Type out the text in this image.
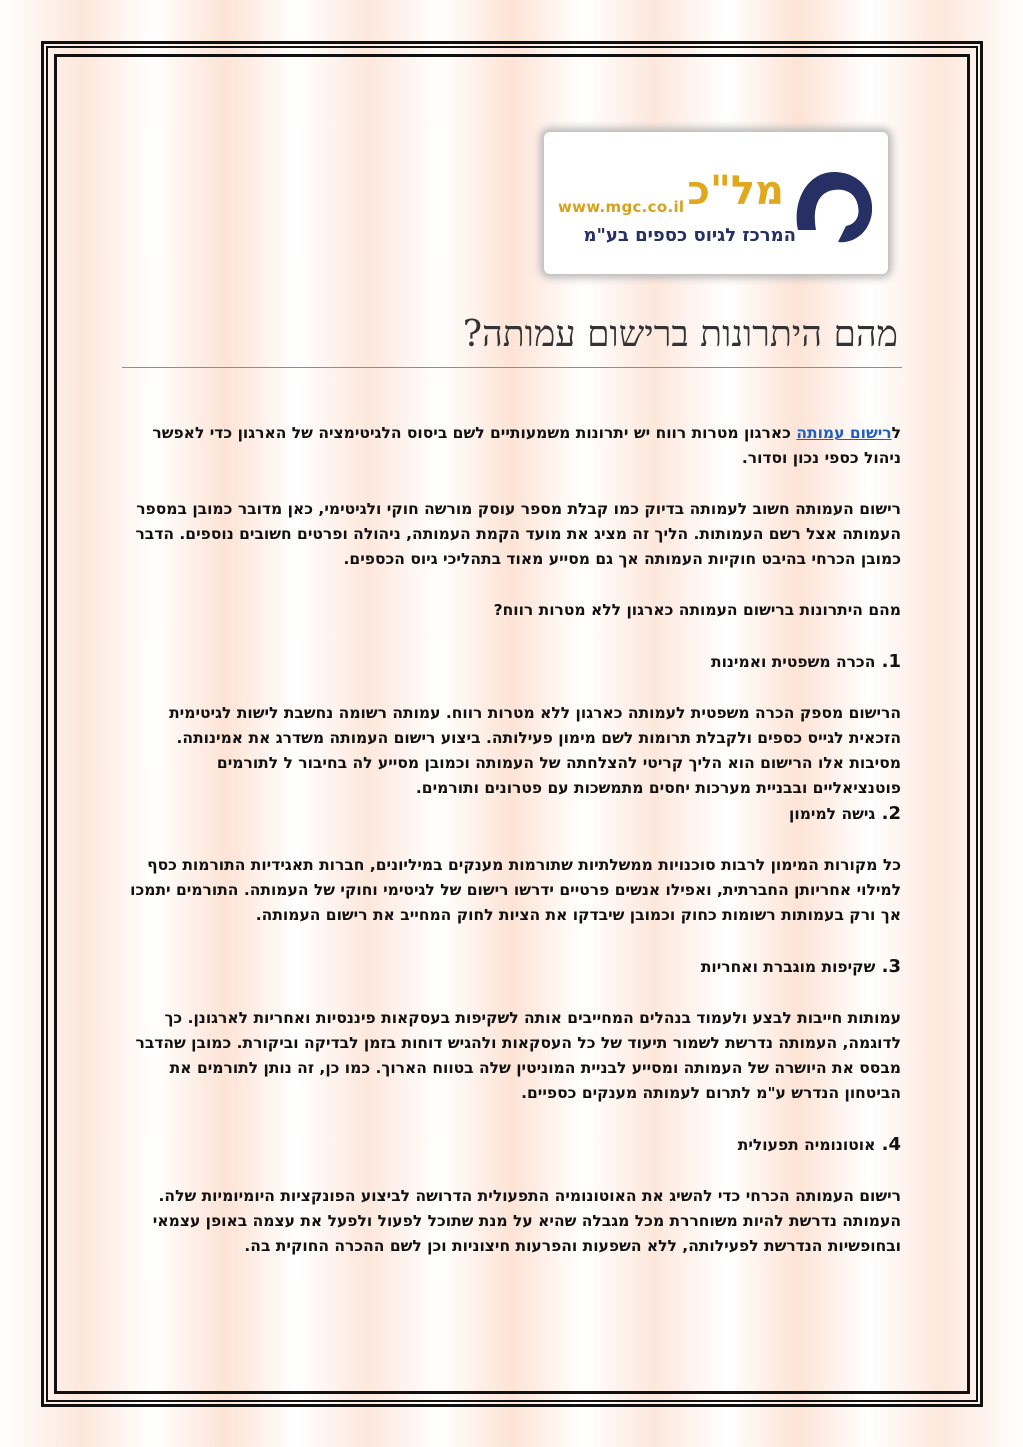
מל"כ
www.mgc.co.il
המרכז לגיוס כספים בע"מ
מהם היתרונות ברישום עמותה?

לרישום עמותה כארגון מטרות רווח יש יתרונות משמעותיים לשם ביסוס הלגיטימציה של הארגון כדי לאפשר ניהול כספי נכון וסדור.

רישום העמותה חשוב לעמותה בדיוק כמו קבלת מספר עוסק מורשה חוקי ולגיטימי, כאן מדובר כמובן במספר העמותה אצל רשם העמותות. הליך זה מציג את מועד הקמת העמותה, ניהולה ופרטים חשובים נוספים. הדבר כמובן הכרחי בהיבט חוקיות העמותה אך גם מסייע מאוד בתהליכי גיוס הכספים.

מהם היתרונות ברישום העמותה כארגון ללא מטרות רווח?

1. הכרה משפטית ואמינות

הרישום מספק הכרה משפטית לעמותה כארגון ללא מטרות רווח. עמותה רשומה נחשבת לישות לגיטימית הזכאית לגייס כספים ולקבלת תרומות לשם מימון פעילותה. ביצוע רישום העמותה משדרג את אמינותה. מסיבות אלו הרישום הוא הליך קריטי להצלחתה של העמותה וכמובן מסייע לה בחיבור ל לתורמים פוטנציאליים ובבניית מערכות יחסים מתמשכות עם פטרונים ותורמים.

2. גישה למימון

כל מקורות המימון לרבות סוכנויות ממשלתיות שתורמות מענקים במיליונים, חברות תאגידיות התורמות כסף למילוי אחריותן החברתית, ואפילו אנשים פרטיים ידרשו רישום של לגיטימי וחוקי של העמותה. התורמים יתמכו אך ורק בעמותות רשומות כחוק וכמובן שיבדקו את הציות לחוק המחייב את רישום העמותה.

3. שקיפות מוגברת ואחריות

עמותות חייבות לבצע ולעמוד בנהלים המחייבים אותה לשקיפות בעסקאות פיננסיות ואחריות לארגונן. כך לדוגמה, העמותה נדרשת לשמור תיעוד של כל העסקאות ולהגיש דוחות בזמן לבדיקה וביקורת. כמובן שהדבר מבסס את היושרה של העמותה ומסייע לבניית המוניטין שלה בטווח הארוך. כמו כן, זה נותן לתורמים את הביטחון הנדרש ע"מ לתרום לעמותה מענקים כספיים.

4. אוטונומיה תפעולית

רישום העמותה הכרחי כדי להשיג את האוטונומיה התפעולית הדרושה לביצוע הפונקציות היומיומיות שלה. העמותה נדרשת להיות משוחררת מכל מגבלה שהיא על מנת שתוכל לפעול ולפעל את עצמה באופן עצמאי ובחופשיות הנדרשת לפעילותה, ללא השפעות והפרעות חיצוניות וכן לשם ההכרה החוקית בה.
